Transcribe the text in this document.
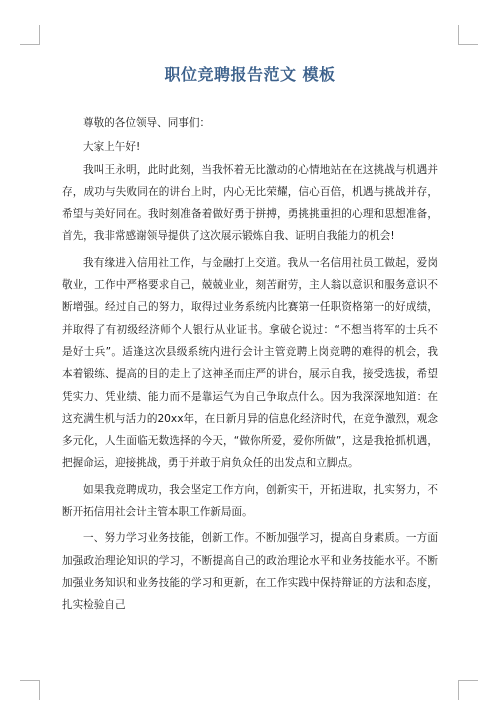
职位竞聘报告范文 模板

尊敬的各位领导、同事们：

大家上午好!

我叫王永明，此时此刻，当我怀着无比激动的心情地站在在这挑战与机遇并存，成功与失败同在的讲台上时，内心无比荣耀，信心百倍，机遇与挑战并存，希望与美好同在。我时刻准备着做好勇于拼搏，勇挑挑重担的心理和思想准备，首先，我非常感谢领导提供了这次展示锻炼自我、证明自我能力的机会!

我有缘进入信用社工作，与金融打上交道。我从一名信用社员工做起，爱岗敬业，工作中严格要求自己，兢兢业业，刻苦耐劳，主人翁以意识和服务意识不断增强。经过自己的努力，取得过业务系统内比赛第一任职资格第一的好成绩，并取得了有初级经济师个人银行从业证书。拿破仑说过：“不想当将军的士兵不是好士兵”。适逢这次县级系统内进行会计主管竞聘上岗竞聘的难得的机会，我本着锻练、提高的目的走上了这神圣而庄严的讲台，展示自我，接受选拔，希望凭实力、凭业绩、能力而不是靠运气为自己争取点什么。因为我深深地知道：在这充满生机与活力的20xx年，在日新月异的信息化经济时代，在竞争激烈，观念多元化，人生面临无数选择的今天，“做你所爱，爱你所做”，这是我抢抓机遇，把握命运，迎接挑战，勇于并敢于肩负众任的出发点和立脚点。

如果我竞聘成功，我会坚定工作方向，创新实干，开拓进取，扎实努力，不断开拓信用社会计主管本职工作新局面。

一、努力学习业务技能，创新工作。不断加强学习，提高自身素质。一方面加强政治理论知识的学习，不断提高自己的政治理论水平和业务技能水平。不断加强业务知识和业务技能的学习和更新，在工作实践中保持辩证的方法和态度，扎实检验自己
